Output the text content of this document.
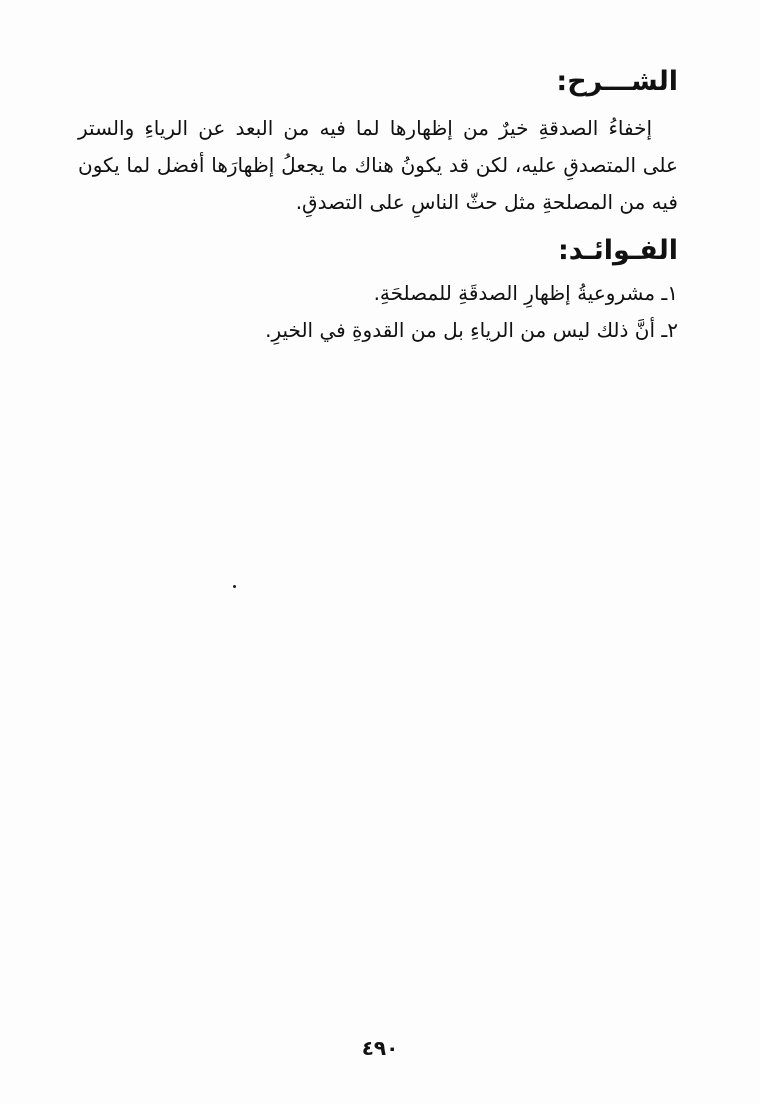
الشـــرح:

إخفاءُ الصدقةِ خيرٌ من إظهارها لما فيه من البعد عن الرياءِ والستر على المتصدقِ عليه، لكن قد يكونُ هناك ما يجعلُ إظهارَها أفضل لما يكون فيه من المصلحةِ مثل حثّ الناسِ على التصدقِ.

الفـوائـد:
١ـ مشروعيةُ إظهارِ الصدقَةِ للمصلحَةِ.
٢ـ أنَّ ذلك ليس من الرياءِ بل من القدوةِ في الخيرِ.
٤٩٠
